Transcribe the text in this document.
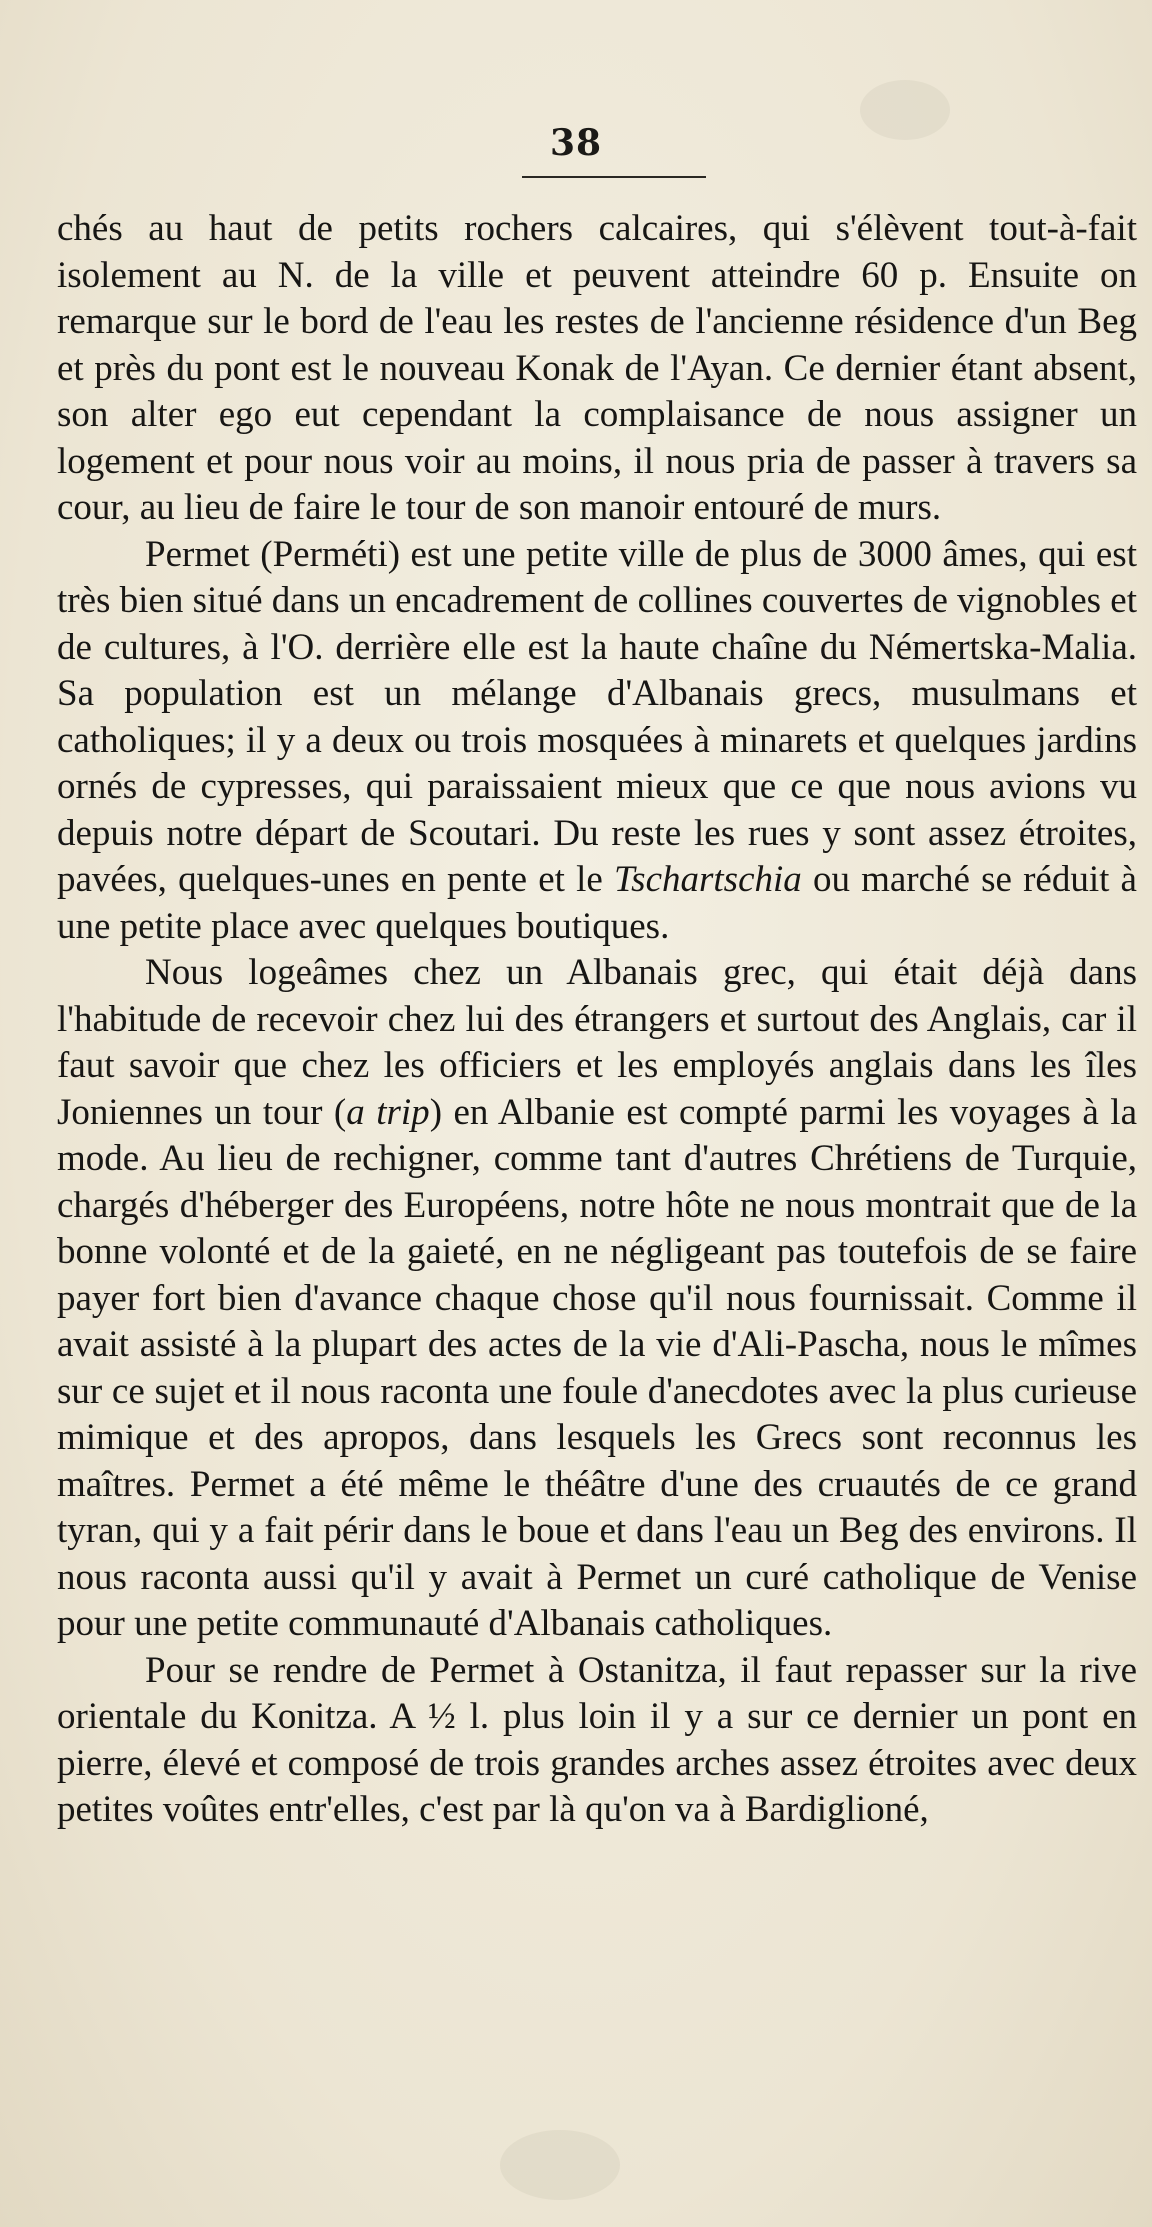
38

chés au haut de petits rochers calcaires, qui s'élèvent tout-à-fait isolement au N. de la ville et peuvent atteindre 60 p. Ensuite on remarque sur le bord de l'eau les restes de l'ancienne résidence d'un Beg et près du pont est le nouveau Konak de l'Ayan. Ce dernier étant absent, son alter ego eut cependant la complaisance de nous assigner un logement et pour nous voir au moins, il nous pria de passer à travers sa cour, au lieu de faire le tour de son manoir entouré de murs.

Permet (Perméti) est une petite ville de plus de 3000 âmes, qui est très bien situé dans un encadrement de collines couvertes de vignobles et de cultures, à l'O. derrière elle est la haute chaîne du Némertska-Malia. Sa population est un mélange d'Albanais grecs, musulmans et catholiques; il y a deux ou trois mosquées à minarets et quelques jardins ornés de cypresses, qui paraissaient mieux que ce que nous avions vu depuis notre départ de Scoutari. Du reste les rues y sont assez étroites, pavées, quelques-unes en pente et le Tschartschia ou marché se réduit à une petite place avec quelques boutiques.

Nous logeâmes chez un Albanais grec, qui était déjà dans l'habitude de recevoir chez lui des étrangers et surtout des Anglais, car il faut savoir que chez les officiers et les employés anglais dans les îles Joniennes un tour (a trip) en Albanie est compté parmi les voyages à la mode. Au lieu de rechigner, comme tant d'autres Chrétiens de Turquie, chargés d'héberger des Européens, notre hôte ne nous montrait que de la bonne volonté et de la gaieté, en ne négligeant pas toutefois de se faire payer fort bien d'avance chaque chose qu'il nous fournissait. Comme il avait assisté à la plupart des actes de la vie d'Ali-Pascha, nous le mîmes sur ce sujet et il nous raconta une foule d'anecdotes avec la plus curieuse mimique et des apropos, dans lesquels les Grecs sont reconnus les maîtres. Permet a été même le théâtre d'une des cruautés de ce grand tyran, qui y a fait périr dans le boue et dans l'eau un Beg des environs. Il nous raconta aussi qu'il y avait à Permet un curé catholique de Venise pour une petite communauté d'Albanais catholiques.

Pour se rendre de Permet à Ostanitza, il faut repasser sur la rive orientale du Konitza. A ½ l. plus loin il y a sur ce dernier un pont en pierre, élevé et composé de trois grandes arches assez étroites avec deux petites voûtes entr'elles, c'est par là qu'on va à Bardiglioné,
